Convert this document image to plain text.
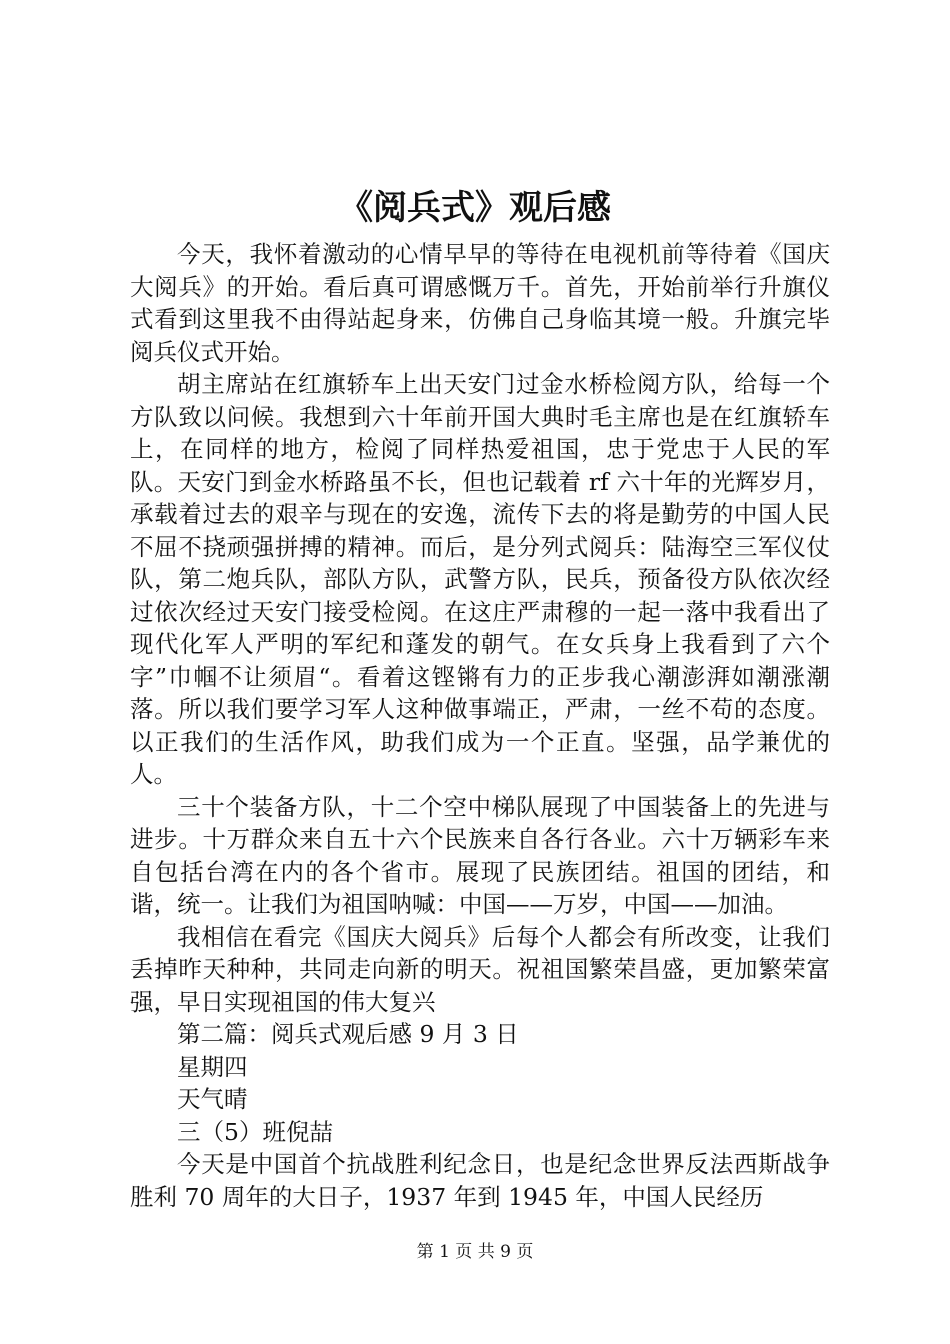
《阅兵式》观后感

今天，我怀着激动的心情早早的等待在电视机前等待着《国庆大阅兵》的开始。看后真可谓感慨万千。首先，开始前举行升旗仪式看到这里我不由得站起身来，仿佛自己身临其境一般。升旗完毕阅兵仪式开始。

胡主席站在红旗轿车上出天安门过金水桥检阅方队，给每一个方队致以问候。我想到六十年前开国大典时毛主席也是在红旗轿车上，在同样的地方，检阅了同样热爱祖国，忠于党忠于人民的军队。天安门到金水桥路虽不长，但也记载着 rf 六十年的光辉岁月，承载着过去的艰辛与现在的安逸，流传下去的将是勤劳的中国人民不屈不挠顽强拼搏的精神。而后，是分列式阅兵：陆海空三军仪仗队，第二炮兵队，部队方队，武警方队，民兵，预备役方队依次经过依次经过天安门接受检阅。在这庄严肃穆的一起一落中我看出了现代化军人严明的军纪和蓬发的朝气。在女兵身上我看到了六个字”巾帼不让须眉“。看着这铿锵有力的正步我心潮澎湃如潮涨潮落。所以我们要学习军人这种做事端正，严肃，一丝不苟的态度。以正我们的生活作风，助我们成为一个正直。坚强，品学兼优的人。

三十个装备方队，十二个空中梯队展现了中国装备上的先进与进步。十万群众来自五十六个民族来自各行各业。六十万辆彩车来自包括台湾在内的各个省市。展现了民族团结。祖国的团结，和谐，统一。让我们为祖国呐喊：中国——万岁，中国——加油。

我相信在看完《国庆大阅兵》后每个人都会有所改变，让我们丢掉昨天种种，共同走向新的明天。祝祖国繁荣昌盛，更加繁荣富强，早日实现祖国的伟大复兴

第二篇：阅兵式观后感 9 月 3 日

星期四

天气晴

三（5）班倪喆

今天是中国首个抗战胜利纪念日，也是纪念世界反法西斯战争胜利 70 周年的大日子，1937 年到 1945 年，中国人民经历

第 1 页 共 9 页
